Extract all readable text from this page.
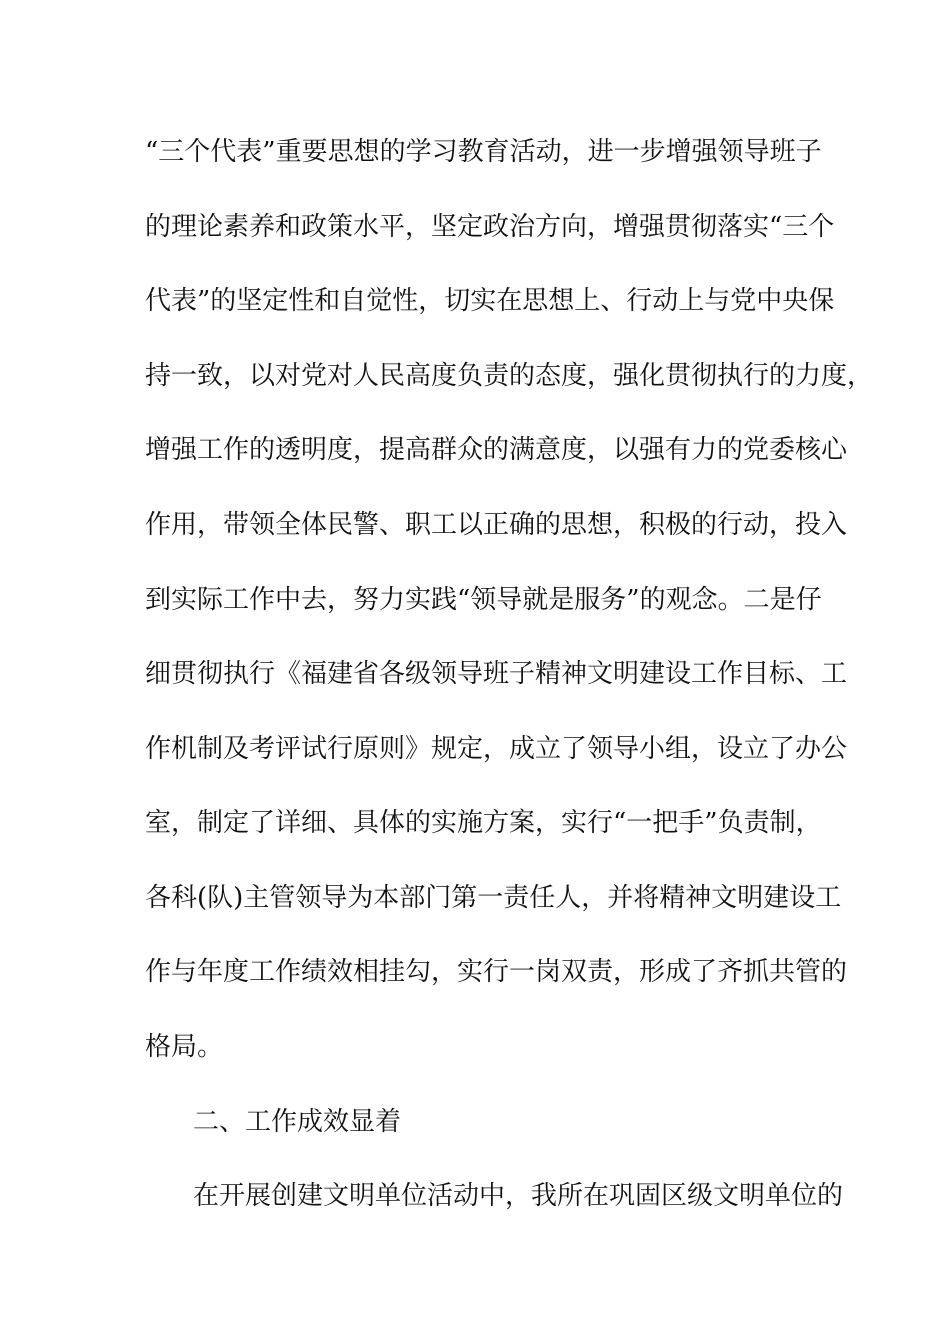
“三个代表”重要思想的学习教育活动，进一步增强领导班子
的理论素养和政策水平，坚定政治方向，增强贯彻落实“三个
代表”的坚定性和自觉性，切实在思想上、行动上与党中央保
持一致，以对党对人民高度负责的态度，强化贯彻执行的力度，
增强工作的透明度，提高群众的满意度，以强有力的党委核心
作用，带领全体民警、职工以正确的思想，积极的行动，投入
到实际工作中去，努力实践“领导就是服务”的观念。二是仔
细贯彻执行《福建省各级领导班子精神文明建设工作目标、工
作机制及考评试行原则》规定，成立了领导小组，设立了办公
室，制定了详细、具体的实施方案，实行“一把手”负责制，
各科(队)主管领导为本部门第一责任人，并将精神文明建设工
作与年度工作绩效相挂勾，实行一岗双责，形成了齐抓共管的
格局。
二、工作成效显着
在开展创建文明单位活动中，我所在巩固区级文明单位的
